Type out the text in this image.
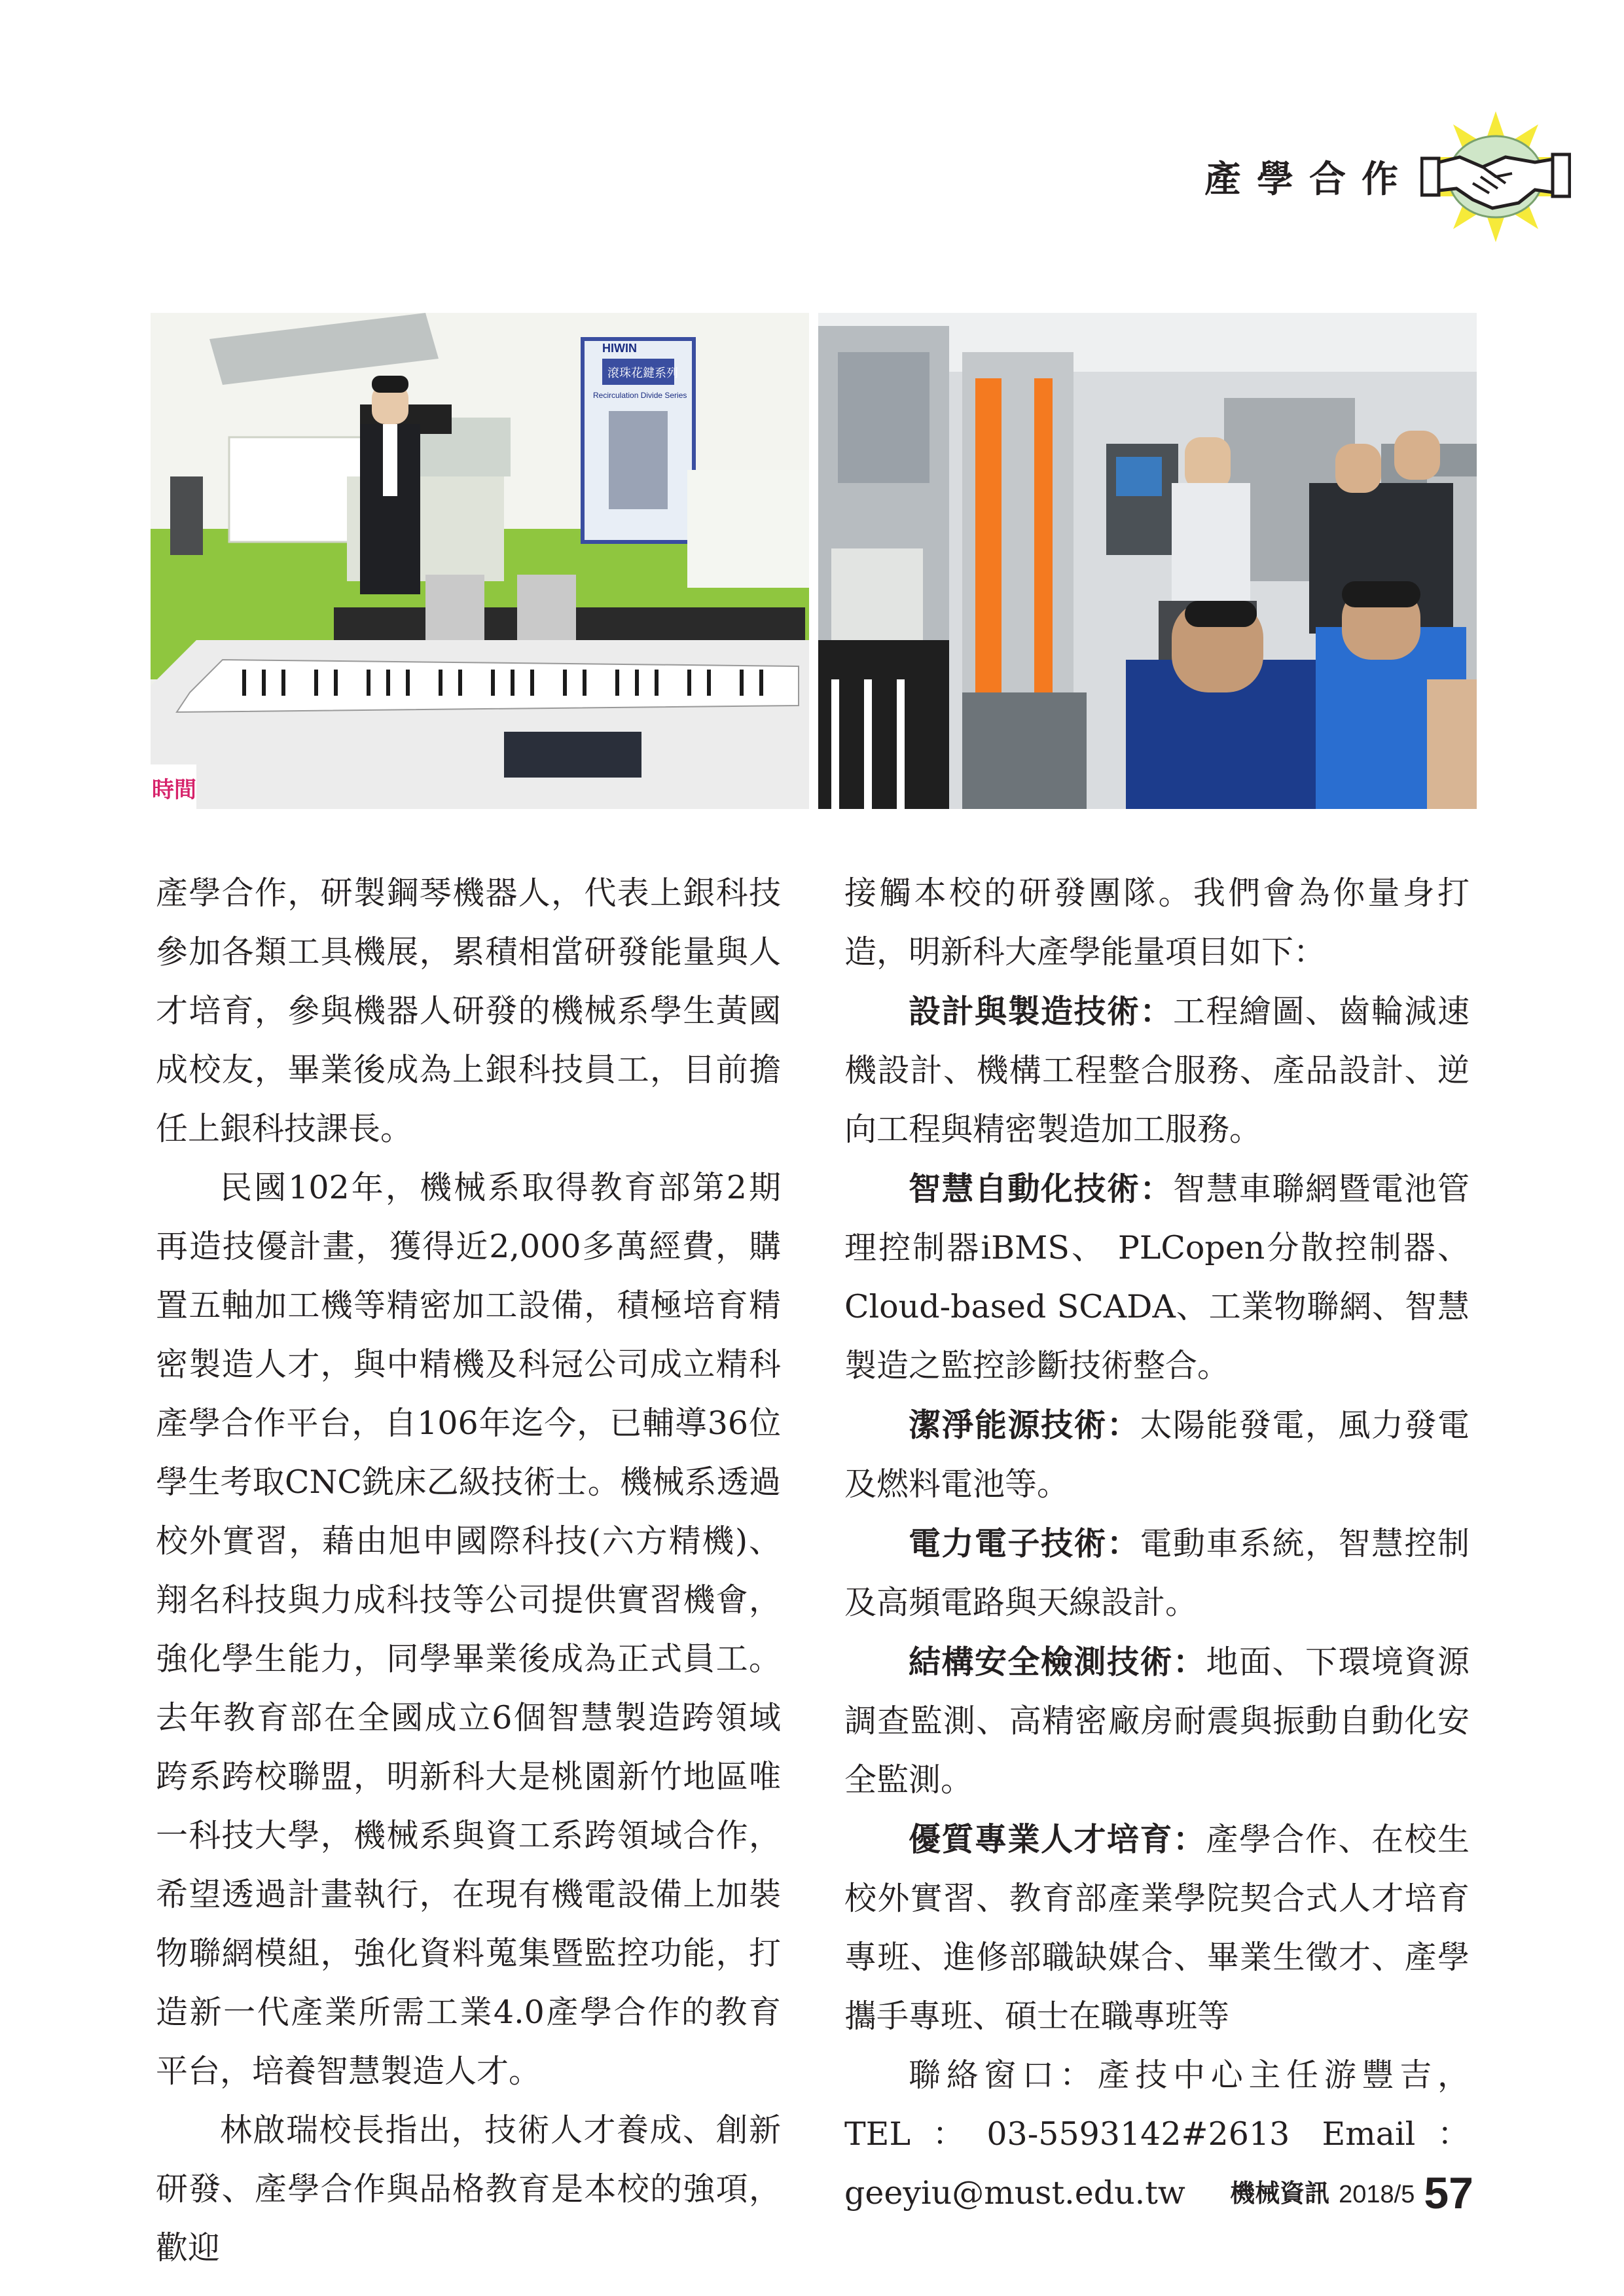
產學合作
HIWIN
滾珠花鍵系列
Recirculation Divide Series
時間

產學合作，研製鋼琴機器人，代表上銀科技參加各類工具機展，累積相當研發能量與人才培育，參與機器人研發的機械系學生黃國成校友，畢業後成為上銀科技員工，目前擔任上銀科技課長。

民國102年，機械系取得教育部第2期再造技優計畫，獲得近2,000多萬經費，購置五軸加工機等精密加工設備，積極培育精密製造人才，與中精機及科冠公司成立精科產學合作平台，自106年迄今，已輔導36位學生考取CNC銑床乙級技術士。機械系透過校外實習，藉由旭申國際科技(六方精機)、翔名科技與力成科技等公司提供實習機會，強化學生能力，同學畢業後成為正式員工。去年教育部在全國成立6個智慧製造跨領域跨系跨校聯盟，明新科大是桃園新竹地區唯一科技大學，機械系與資工系跨領域合作，希望透過計畫執行，在現有機電設備上加裝物聯網模組，強化資料蒐集暨監控功能，打造新一代產業所需工業4.0產學合作的教育平台，培養智慧製造人才。

林啟瑞校長指出，技術人才養成、創新研發、產學合作與品格教育是本校的強項，歡迎

接觸本校的研發團隊。我們會為你量身打造，明新科大產學能量項目如下：

設計與製造技術：工程繪圖、齒輪減速機設計、機構工程整合服務、產品設計、逆向工程與精密製造加工服務。

智慧自動化技術：智慧車聯網暨電池管理控制器iBMS、 PLCopen分散控制器、Cloud-based SCADA、工業物聯網、智慧製造之監控診斷技術整合。

潔淨能源技術：太陽能發電，風力發電及燃料電池等。

電力電子技術：電動車系統，智慧控制及高頻電路與天線設計。

結構安全檢測技術：地面、下環境資源調查監測、高精密廠房耐震與振動自動化安全監測。

優質專業人才培育：產學合作、在校生校外實習、教育部產業學院契合式人才培育專班、進修部職缺媒合、畢業生徵才、產學攜手專班、碩士在職專班等

聯絡窗口：產技中心主任游豐吉，TEL：03-5593142#2613 Email：geeyiu@must.edu.tw	機械資訊 2018/5 57
